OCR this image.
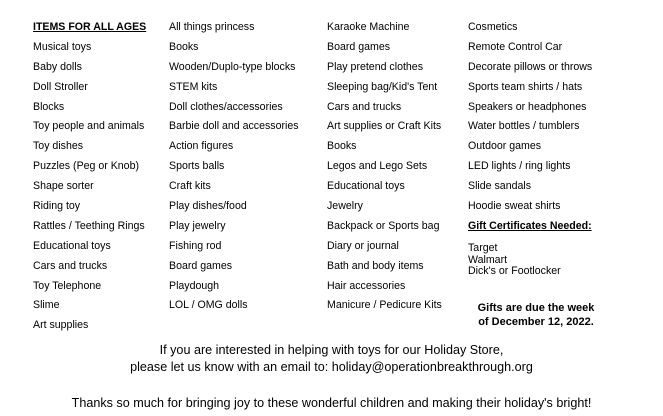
ITEMS FOR ALL AGES
Musical toys
Baby dolls
Doll Stroller
Blocks
Toy people and animals
Toy dishes
Puzzles (Peg or Knob)
Shape sorter
Riding toy
Rattles / Teething Rings
Educational toys
Cars and trucks
Toy Telephone
Slime
Art supplies
All things princess
Books
Wooden/Duplo-type blocks
STEM kits
Doll clothes/accessories
Barbie doll and accessories
Action figures
Sports balls
Craft kits
Play dishes/food
Play jewelry
Fishing rod
Board games
Playdough
LOL / OMG dolls
Karaoke Machine
Board games
Play pretend clothes
Sleeping bag/Kid's Tent
Cars and trucks
Art supplies or Craft Kits
Books
Legos and Lego Sets
Educational toys
Jewelry
Backpack or Sports bag
Diary or journal
Bath and body items
Hair accessories
Manicure / Pedicure Kits
Cosmetics
Remote Control Car
Decorate pillows or throws
Sports team shirts / hats
Speakers or headphones
Water bottles / tumblers
Outdoor games
LED lights / ring lights
Slide sandals
Hoodie sweat shirts
Gift Certificates Needed:
Target
Walmart
Dick's or Footlocker
Gifts are due the week
of December 12, 2022.
If you are interested in helping with toys for our Holiday Store,
please let us know with an email to: holiday@operationbreakthrough.org
Thanks so much for bringing joy to these wonderful children and making their holiday's bright!
